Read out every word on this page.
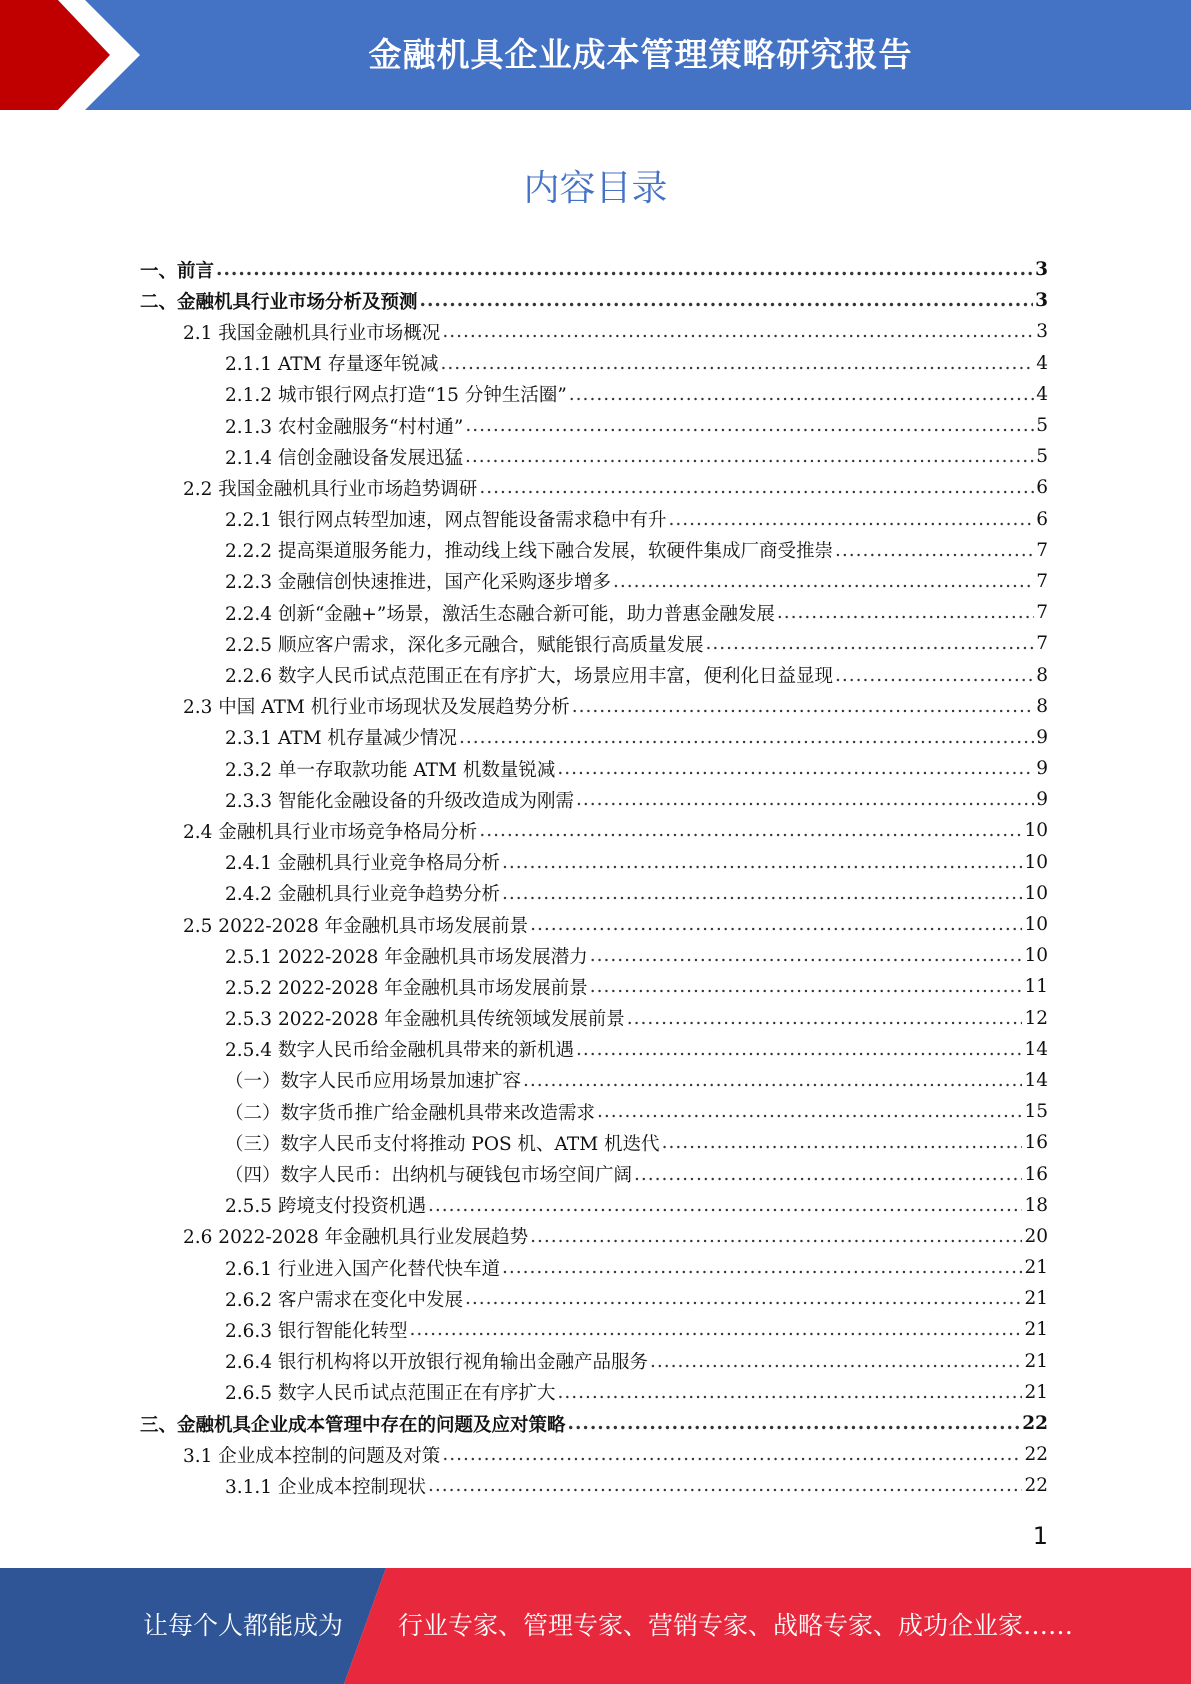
金融机具企业成本管理策略研究报告
内容目录
一、前言 .....	3
二、金融机具行业市场分析及预测 .....	3
2.1 我国金融机具行业市场概况 .....	3
2.1.1 ATM 存量逐年锐减 .....	4
2.1.2 城市银行网点打造“15 分钟生活圈” .....	4
2.1.3 农村金融服务“村村通” .....	5
2.1.4 信创金融设备发展迅猛 .....	5
2.2 我国金融机具行业市场趋势调研 .....	6
2.2.1 银行网点转型加速，网点智能设备需求稳中有升 .....	6
2.2.2 提高渠道服务能力，推动线上线下融合发展，软硬件集成厂商受推崇 .....	7
2.2.3 金融信创快速推进，国产化采购逐步增多 .....	7
2.2.4 创新“金融+”场景，激活生态融合新可能，助力普惠金融发展 .....	7
2.2.5 顺应客户需求，深化多元融合，赋能银行高质量发展 .....	7
2.2.6 数字人民币试点范围正在有序扩大，场景应用丰富，便利化日益显现 .....	8
2.3 中国 ATM 机行业市场现状及发展趋势分析 .....	8
2.3.1 ATM 机存量减少情况 .....	9
2.3.2 单一存取款功能 ATM 机数量锐减 .....	9
2.3.3 智能化金融设备的升级改造成为刚需 .....	9
2.4 金融机具行业市场竞争格局分析 .....	10
2.4.1 金融机具行业竞争格局分析 .....	10
2.4.2 金融机具行业竞争趋势分析 .....	10
2.5 2022-2028 年金融机具市场发展前景 .....	10
2.5.1 2022-2028 年金融机具市场发展潜力 .....	10
2.5.2 2022-2028 年金融机具市场发展前景 .....	11
2.5.3 2022-2028 年金融机具传统领域发展前景 .....	12
2.5.4 数字人民币给金融机具带来的新机遇 .....	14
（一）数字人民币应用场景加速扩容 .....	14
（二）数字货币推广给金融机具带来改造需求 .....	15
（三）数字人民币支付将推动 POS 机、ATM 机迭代 .....	16
（四）数字人民币：出纳机与硬钱包市场空间广阔 .....	16
2.5.5 跨境支付投资机遇 .....	18
2.6 2022-2028 年金融机具行业发展趋势 .....	20
2.6.1 行业进入国产化替代快车道 .....	21
2.6.2 客户需求在变化中发展 .....	21
2.6.3 银行智能化转型 .....	21
2.6.4 银行机构将以开放银行视角输出金融产品服务 .....	21
2.6.5 数字人民币试点范围正在有序扩大 .....	21
三、金融机具企业成本管理中存在的问题及应对策略 .....	22
3.1 企业成本控制的问题及对策 .....	22
3.1.1 企业成本控制现状 .....	22
1
让每个人都能成为 行业专家、管理专家、营销专家、战略专家、成功企业家……
